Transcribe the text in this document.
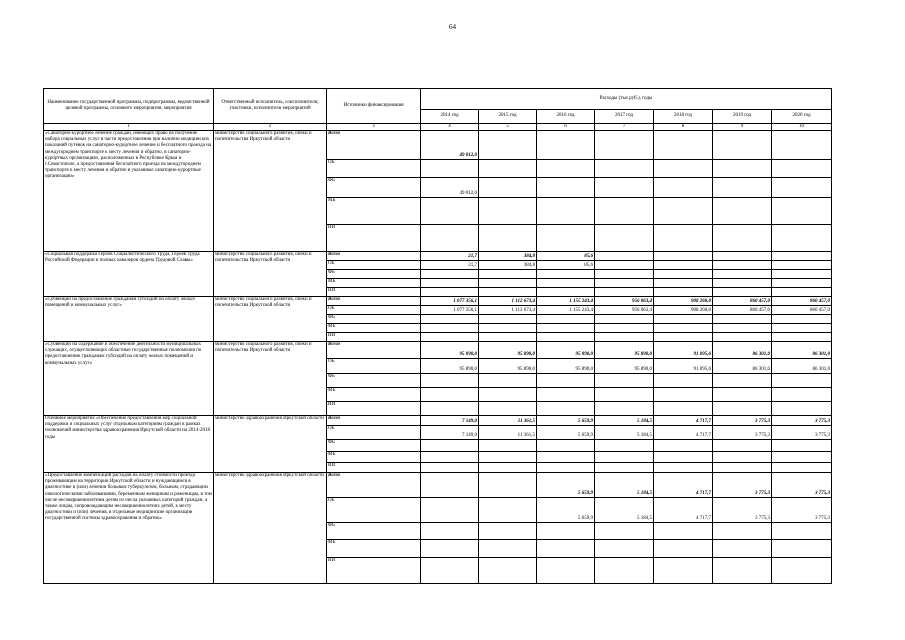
64
Наименование государственной программы, подпрограммы, ведомственной целевой программы, основного мероприятия, мероприятия	Ответственный исполнитель, соисполнители, участники, исполнители мероприятий	Источники финансирования	Расходы (тыс.руб.), годы						
			2014 год	2015 год	2016 год	2017 год	2018 год	2019 год	2020 год
1	2	3	4	5	6	7	8	9	10
«Санаторно-курортное лечение граждан, имеющих право на получение набора социальных услуг в части предоставления при наличии медицинских показаний путевок на санаторно-курортное лечение и бесплатного проезда на междугороднем транспорте к месту лечения и обратно, в санаторно-курортных организациях, расположенных в Республике Крым и г.Севастополе, а предоставления бесплатного проезда на междугороднем транспорте к месту лечения и обратно в указанные санаторно-курортные организации»	министерство социального развития, опеки и попечительства Иркутской области	Всего	49 012,0						
		ОБ							
		ФБ	49 012,0						
		МБ							
		ИИ							
«Социальная поддержка Героев Социалистического Труда, Героев Труда Российской Федерации и полных кавалеров ордена Трудовой Славы»	министерство социального развития, опеки и попечительства Иркутской области	Всего	21,7	384,8	85,6				
		ОБ	21,7	384,8	85,6				
		ФБ							
		МБ							
		ИИ							
«Субвенции на предоставление гражданам субсидий на оплату жилых помещений и коммунальных услуг»	министерство социального развития, опеки и попечительства Иркутской области	Всего	1 077 356,1	1 112 673,4	1 155 243,4	956 063,4	908 260,0	860 457,0	860 457,0
		ОБ	1 077 356,1	1 112 673,4	1 155 243,4	956 063,4	908 260,0	860 457,0	860 457,0
		ФБ							
		МБ							
		ИИ							
«Субвенции на содержание и обеспечение деятельности муниципальных служащих, осуществляющих областные государственные полномочия по предоставлению гражданам субсидий на оплату жилых помещений и коммунальных услуг»	министерство социального развития, опеки и попечительства Иркутской области	Всего	95 890,0	95 890,0	95 890,0	95 890,0	91 095,6	86 301,0	86 301,0
		ОБ	95 890,0	95 890,0	95 890,0	95 890,0	91 095,6	86 301,0	86 301,0
		ФБ							
		МБ							
		ИИ							
Основное мероприятие «Обеспечение предоставления мер социальной поддержки и социальных услуг отдельным категориям граждан в рамках полномочий министерства здравоохранения Иркутской области на 2014-2018 годы	министерство здравоохранения Иркутской области	Всего	7 149,0	11 361,5	5 659,9	5 184,5	4 717,7	3 775,3	3 775,3
		ОБ	7 149,0	11 361,5	5 659,9	5 184,5	4 717,7	3 775,3	3 775,3
		ФБ							
		МБ							
		ИИ							
«Предоставление компенсаций расходов на оплату стоимости проезда проживающим на территории Иркутской области и нуждающимся в диагностике и (или) лечении больным туберкулезом, больным, страдающим онкологическими заболеваниями, беременным женщинам и роженицам, в том числе несовершеннолетним детям из числа указанных категорий граждан, а также лицам, сопровождающим несовершеннолетних детей, к месту диагностики и (или) лечения, в отдельные медицинские организации государственной системы здравоохранения и обратно»	министерство здравоохранения Иркутской области	Всего			5 659,9	5 184,5	4 717,7	3 775,3	3 775,3
		ОБ			5 659,9	5 184,5	4 717,7	3 775,3	3 775,3
		ФБ							
		МБ							
		ИИ							
